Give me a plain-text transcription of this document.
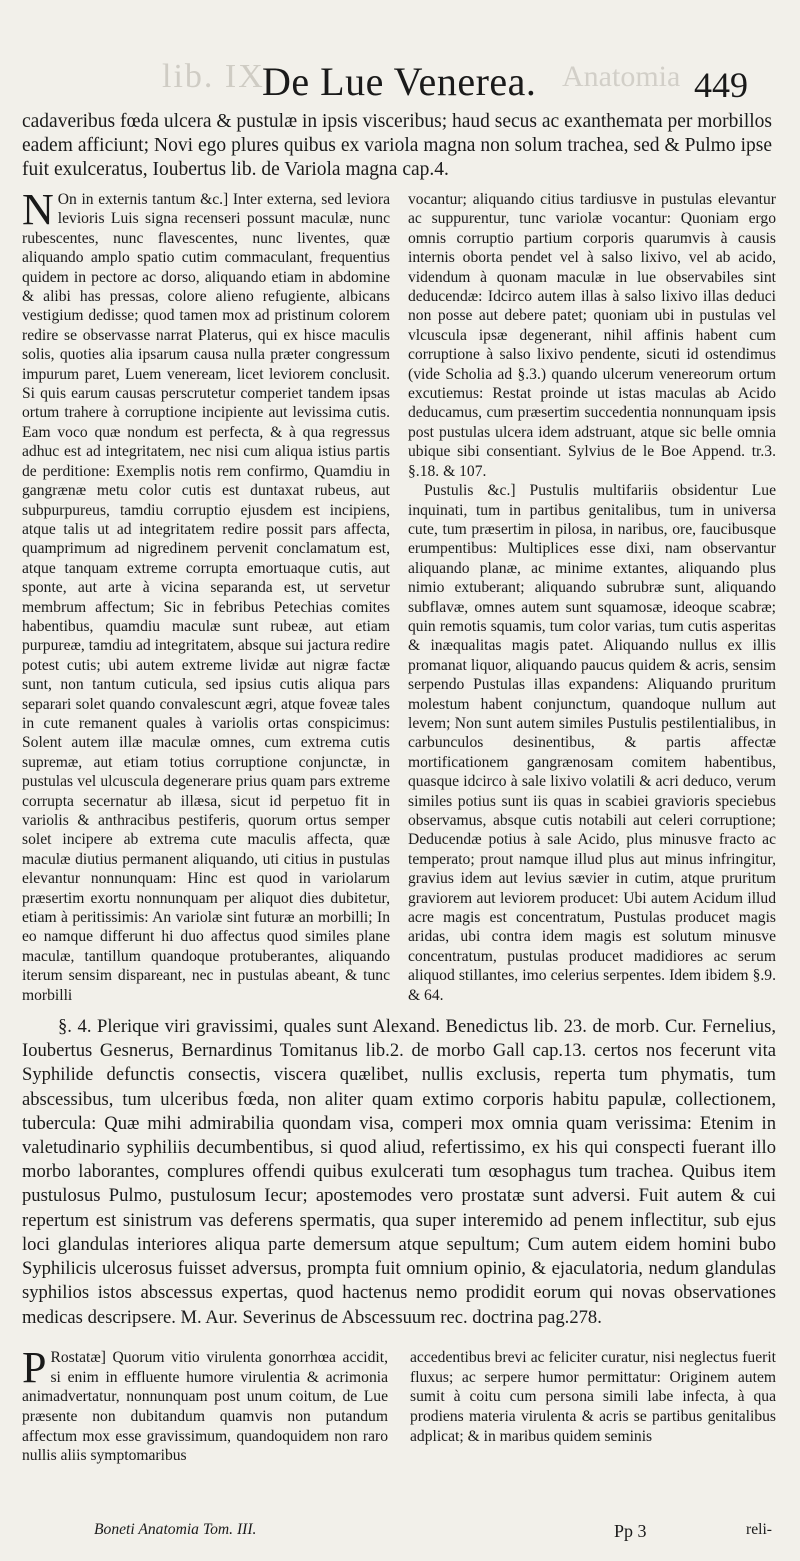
lib. IX	Anatomia
De Lue Venerea.	449

cadaveribus fœda ulcera & pustulæ in ipsis visceribus; haud secus ac exanthemata per morbillos eadem afficiunt; Novi ego plures quibus ex variola magna non solum trachea, sed & Pulmo ipse fuit exulceratus, Ioubertus lib. de Variola magna cap.4.

N On in externis tantum &c.] Inter externa, sed leviora levioris Luis signa recenseri possunt maculæ, nunc rubescentes, nunc flavescentes, nunc liventes, quæ aliquando amplo spatio cutim commaculant, frequentius quidem in pectore ac dorso, aliquando etiam in abdomine & alibi has pressas, colore alieno refugiente, albicans vestigium dedisse; quod tamen mox ad pristinum colorem redire se observasse narrat Platerus, qui ex hisce maculis solis, quoties alia ipsarum causa nulla præter congressum impurum paret, Luem veneream, licet leviorem conclusit. Si quis earum causas perscrutetur comperiet tandem ipsas ortum trahere à corruptione incipiente aut levissima cutis. Eam voco quæ nondum est perfecta, & à qua regressus adhuc est ad integritatem, nec nisi cum aliqua istius partis de perditione: Exemplis notis rem confirmo, Quamdiu in gangrænæ metu color cutis est duntaxat rubeus, aut subpurpureus, tamdiu corruptio ejusdem est incipiens, atque talis ut ad integritatem redire possit pars affecta, quamprimum ad nigredinem pervenit conclamatum est, atque tanquam extreme corrupta emortuaque cutis, aut sponte, aut arte à vicina separanda est, ut servetur membrum affectum; Sic in febribus Petechias comites habentibus, quamdiu maculæ sunt rubeæ, aut etiam purpureæ, tamdiu ad integritatem, absque sui jactura redire potest cutis; ubi autem extreme lividæ aut nigræ factæ sunt, non tantum cuticula, sed ipsius cutis aliqua pars separari solet quando convalescunt ægri, atque foveæ tales in cute remanent quales à variolis ortas conspicimus: Solent autem illæ maculæ omnes, cum extrema cutis supremæ, aut etiam totius corruptione conjunctæ, in pustulas vel ulcuscula degenerare prius quam pars extreme corrupta secernatur ab illæsa, sicut id perpetuo fit in variolis & anthracibus pestiferis, quorum ortus semper solet incipere ab extrema cute maculis affecta, quæ maculæ diutius permanent aliquando, uti citius in pustulas elevantur nonnunquam: Hinc est quod in variolarum præsertim exortu nonnunquam per aliquot dies dubitetur, etiam à peritissimis: An variolæ sint futuræ an morbilli; In eo namque differunt hi duo affectus quod similes plane maculæ, tantillum quandoque protuberantes, aliquando iterum sensim dispareant, nec in pustulas abeant, & tunc morbilli

vocantur; aliquando citius tardiusve in pustulas elevantur ac suppurentur, tunc variolæ vocantur: Quoniam ergo omnis corruptio partium corporis quarumvis à causis internis oborta pendet vel à salso lixivo, vel ab acido, videndum à quonam maculæ in lue observabiles sint deducendæ: Idcirco autem illas à salso lixivo illas deduci non posse aut debere patet; quoniam ubi in pustulas vel vlcuscula ipsæ degenerant, nihil affinis habent cum corruptione à salso lixivo pendente, sicuti id ostendimus (vide Scholia ad §.3.) quando ulcerum venereorum ortum excutiemus: Restat proinde ut istas maculas ab Acido deducamus, cum præsertim succedentia nonnunquam ipsis post pustulas ulcera idem adstruant, atque sic belle omnia ubique sibi consentiant. Sylvius de le Boe Append. tr.3. §.18. & 107.

Pustulis &c.] Pustulis multifariis obsidentur Lue inquinati, tum in partibus genitalibus, tum in universa cute, tum præsertim in pilosa, in naribus, ore, faucibusque erumpentibus: Multiplices esse dixi, nam observantur aliquando planæ, ac minime extantes, aliquando plus nimio extuberant; aliquando subrubræ sunt, aliquando subflavæ, omnes autem sunt squamosæ, ideoque scabræ; quin remotis squamis, tum color varias, tum cutis asperitas & inæqualitas magis patet. Aliquando nullus ex illis promanat liquor, aliquando paucus quidem & acris, sensim serpendo Pustulas illas expandens: Aliquando pruritum molestum habent conjunctum, quandoque nullum aut levem; Non sunt autem similes Pustulis pestilentialibus, in carbunculos desinentibus, & partis affectæ mortificationem gangrænosam comitem habentibus, quasque idcirco à sale lixivo volatili & acri deduco, verum similes potius sunt iis quas in scabiei gravioris speciebus observamus, absque cutis notabili aut celeri corruptione; Deducendæ potius à sale Acido, plus minusve fracto ac temperato; prout namque illud plus aut minus infringitur, gravius idem aut levius sævier in cutim, atque pruritum graviorem aut leviorem producet: Ubi autem Acidum illud acre magis est concentratum, Pustulas producet magis aridas, ubi contra idem magis est solutum minusve concentratum, pustulas producet madidiores ac serum aliquod stillantes, imo celerius serpentes. Idem ibidem §.9. & 64.

§. 4. Plerique viri gravissimi, quales sunt Alexand. Benedictus lib. 23. de morb. Cur. Fernelius, Ioubertus Gesnerus, Bernardinus Tomitanus lib.2. de morbo Gall cap.13. certos nos fecerunt vita Syphilide defunctis consectis, viscera quælibet, nullis exclusis, reperta tum phymatis, tum abscessibus, tum ulceribus fœda, non aliter quam extimo corporis habitu papulæ, collectionem, tubercula: Quæ mihi admirabilia quondam visa, comperi mox omnia quam verissima: Etenim in valetudinario syphiliis decumbentibus, si quod aliud, refertissimo, ex his qui conspecti fuerant illo morbo laborantes, complures offendi quibus exulcerati tum œsophagus tum trachea. Quibus item pustulosus Pulmo, pustulosum Iecur; apostemodes vero prostatæ sunt adversi. Fuit autem & cui repertum est sinistrum vas deferens spermatis, qua super interemido ad penem inflectitur, sub ejus loci glandulas interiores aliqua parte demersum atque sepultum; Cum autem eidem homini bubo Syphilicis ulcerosus fuisset adversus, prompta fuit omnium opinio, & ejaculatoria, nedum glandulas syphilios istos abscessus expertas, quod hactenus nemo prodidit eorum qui novas observationes medicas descripsere. M. Aur. Severinus de Abscessuum rec. doctrina pag.278.

P Rostatæ] Quorum vitio virulenta gonorrhœa accidit, si enim in effluente humore virulentia & acrimonia animadvertatur, nonnunquam post unum coitum, de Lue præsente non dubitandum quamvis non putandum affectum mox esse gravissimum, quandoquidem non raro nullis aliis symptomaribus
accedentibus brevi ac feliciter curatur, nisi neglectus fuerit fluxus; ac serpere humor permittatur: Originem autem sumit à coitu cum persona simili labe infecta, à qua prodiens materia virulenta & acris se partibus genitalibus adplicat; & in maribus quidem seminis
Boneti Anatomia Tom. III.	Pp 3	reli-
